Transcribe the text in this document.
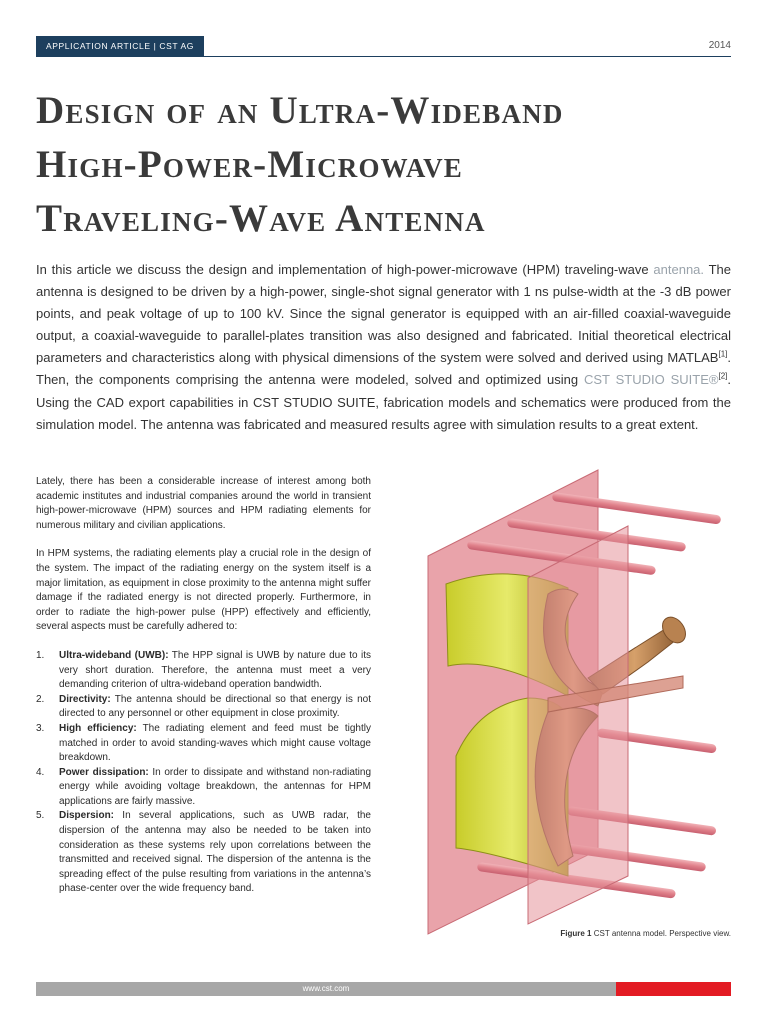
APPLICATION ARTICLE | CST AG	2014
Design of an Ultra-Wideband
High-Power-Microwave
Traveling-Wave Antenna

In this article we discuss the design and implementation of high-power-microwave (HPM) traveling-wave antenna. The antenna is designed to be driven by a high-power, single-shot signal generator with 1 ns pulse-width at the -3 dB power points, and peak voltage of up to 100 kV. Since the signal generator is equipped with an air-filled coaxial-waveguide output, a coaxial-waveguide to parallel-plates transition was also designed and fabricated. Initial theoretical electrical parameters and characteristics along with physical dimensions of the system were solved and derived using MATLAB[1]. Then, the components comprising the antenna were modeled, solved and optimized using CST STUDIO SUITE®[2]. Using the CAD export capabilities in CST STUDIO SUITE, fabrication models and schematics were produced from the simulation model. The antenna was fabricated and measured results agree with simulation results to a great extent.

Lately, there has been a considerable increase of interest among both academic institutes and industrial companies around the world in transient high-power-microwave (HPM) sources and HPM radiating elements for numerous military and civilian applications.

In HPM systems, the radiating elements play a crucial role in the design of the system. The impact of the radiating energy on the system itself is a major limitation, as equipment in close proximity to the antenna might suffer damage if the radiated energy is not directed properly. Furthermore, in order to radiate the high-power pulse (HPP) effectively and efficiently, several aspects must be carefully adhered to:

1. Ultra-wideband (UWB): The HPP signal is UWB by nature due to its very short duration. Therefore, the antenna must meet a very demanding criterion of ultra-wideband operation bandwidth.
2. Directivity: The antenna should be directional so that energy is not directed to any personnel or other equipment in close proximity.
3. High efficiency: The radiating element and feed must be tightly matched in order to avoid standing-waves which might cause voltage breakdown.
4. Power dissipation: In order to dissipate and withstand non-radiating energy while avoiding voltage breakdown, the antennas for HPM applications are fairly massive.
5. Dispersion: In several applications, such as UWB radar, the dispersion of the antenna may also be needed to be taken into consideration as these systems rely upon correlations between the transmitted and received signal. The dispersion of the antenna is the spreading effect of the pulse resulting from variations in the antenna’s phase-center over the wide frequency band.
Figure 1 CST antenna model. Perspective view.
www.cst.com
